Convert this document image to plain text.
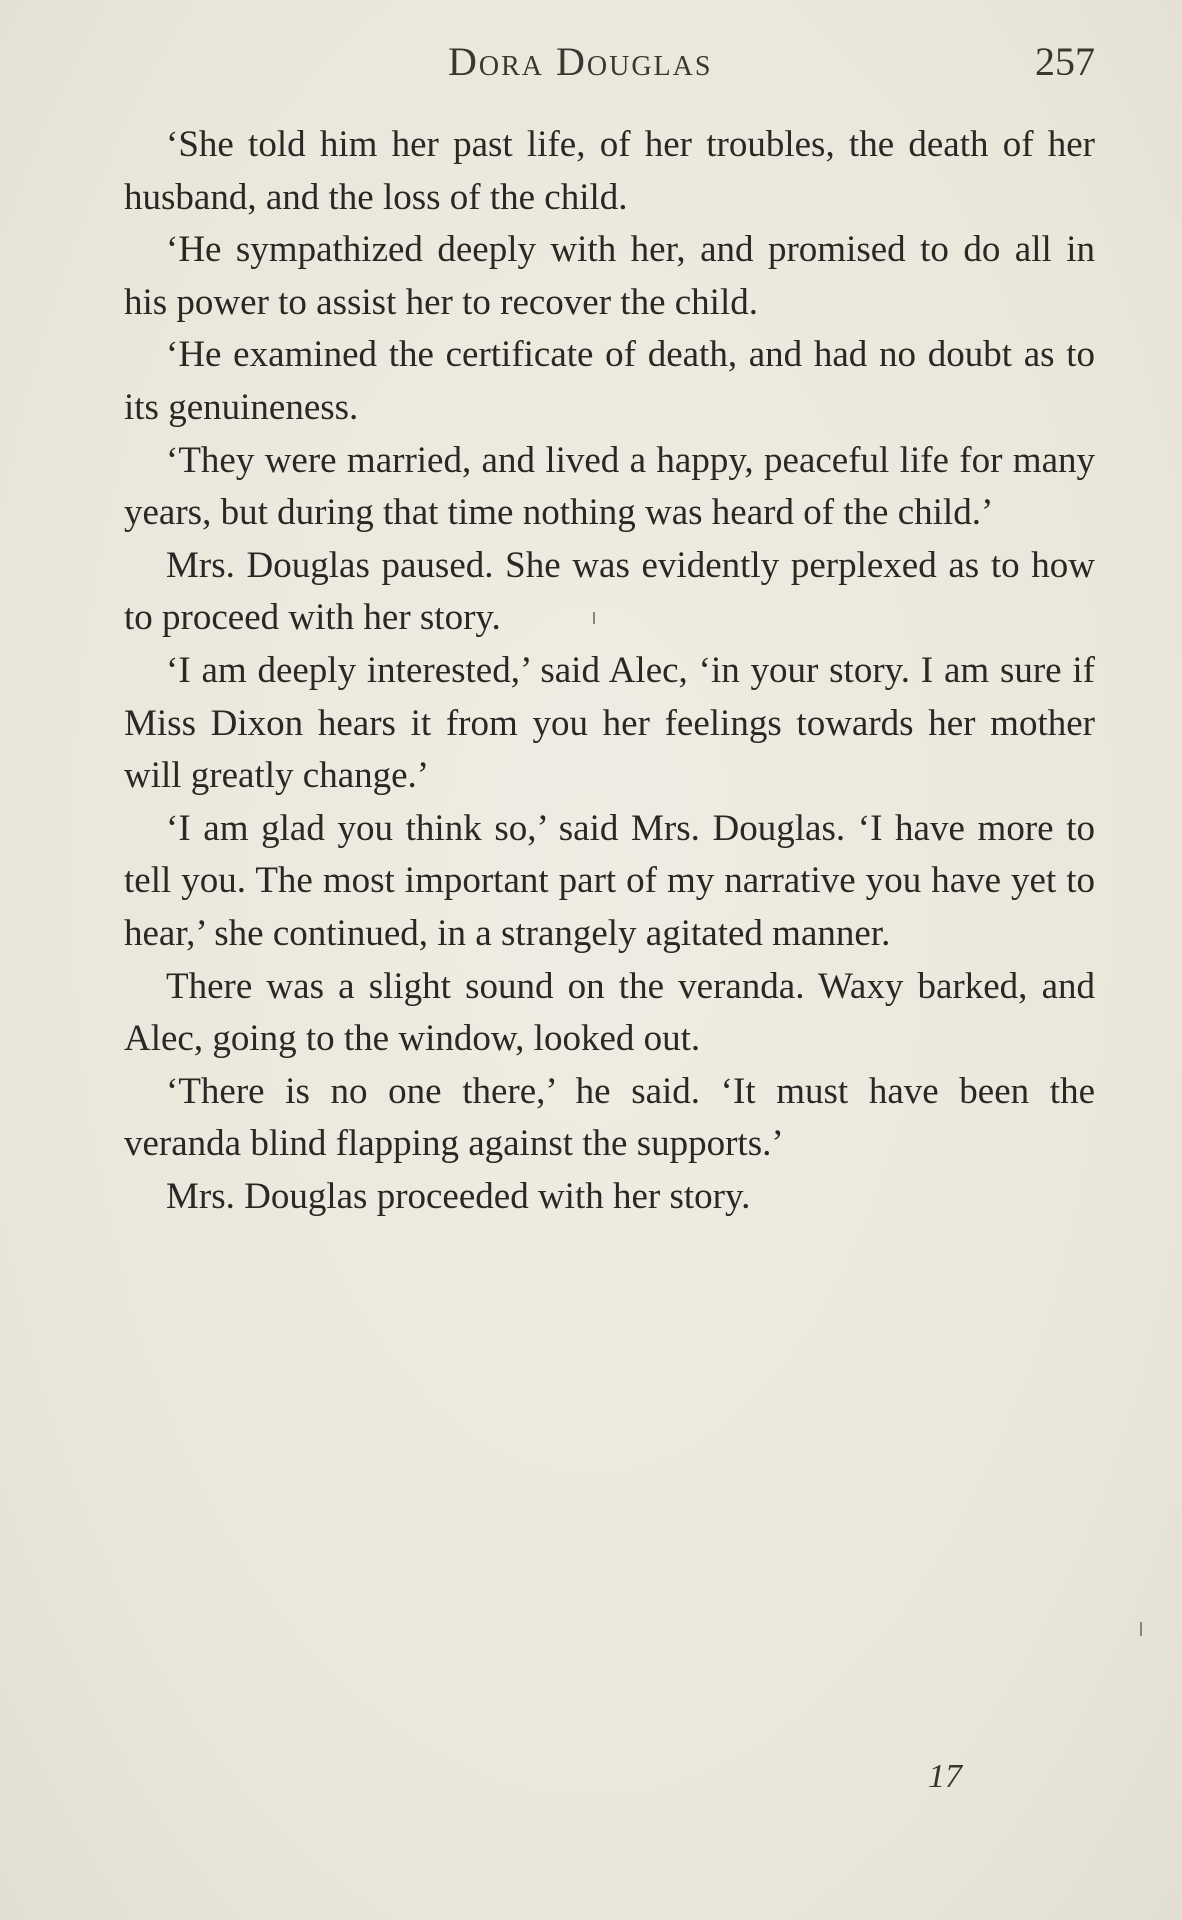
Dora Douglas	257

‘She told him her past life, of her troubles, the death of her husband, and the loss of the child.

‘He sympathized deeply with her, and promised to do all in his power to assist her to recover the child.

‘He examined the certificate of death, and had no doubt as to its genuineness.

‘They were married, and lived a happy, peaceful life for many years, but during that time nothing was heard of the child.’

Mrs. Douglas paused. She was evidently perplexed as to how to proceed with her story.

‘I am deeply interested,’ said Alec, ‘in your story. I am sure if Miss Dixon hears it from you her feelings towards her mother will greatly change.’

‘I am glad you think so,’ said Mrs. Douglas. ‘I have more to tell you. The most important part of my narrative you have yet to hear,’ she continued, in a strangely agitated manner.

There was a slight sound on the veranda. Waxy barked, and Alec, going to the window, looked out.

‘There is no one there,’ he said. ‘It must have been the veranda blind flapping against the supports.’

Mrs. Douglas proceeded with her story.

17
